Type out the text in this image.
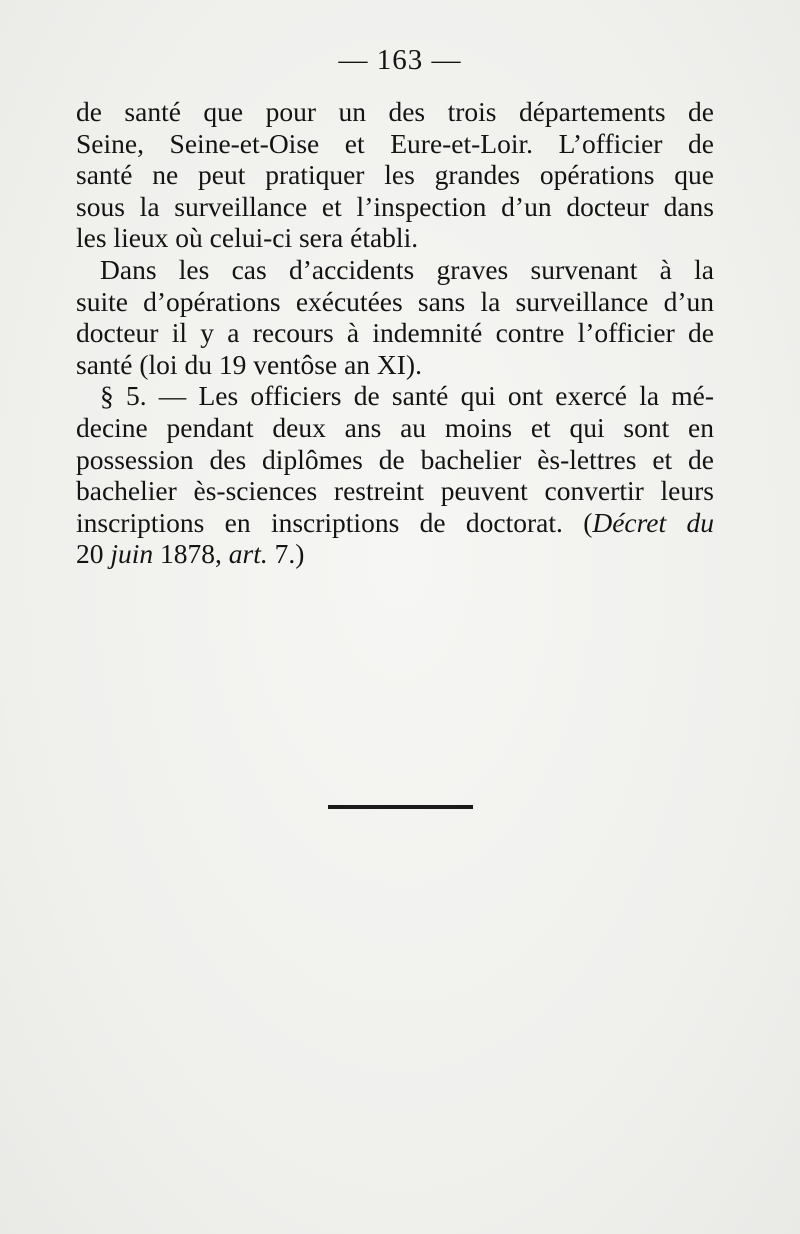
— 163 —
de santé que pour un des trois départements de
Seine, Seine-et-Oise et Eure-et-Loir. L’officier de
santé ne peut pratiquer les grandes opérations que
sous la surveillance et l’inspection d’un docteur dans
les lieux où celui-ci sera établi.
Dans les cas d’accidents graves survenant à la
suite d’opérations exécutées sans la surveillance d’un
docteur il y a recours à indemnité contre l’officier de
santé (loi du 19 ventôse an XI).
§ 5. — Les officiers de santé qui ont exercé la mé-
decine pendant deux ans au moins et qui sont en
possession des diplômes de bachelier ès-lettres et de
bachelier ès-sciences restreint peuvent convertir leurs
inscriptions en inscriptions de doctorat. (Décret du
20 juin 1878, art. 7.)
